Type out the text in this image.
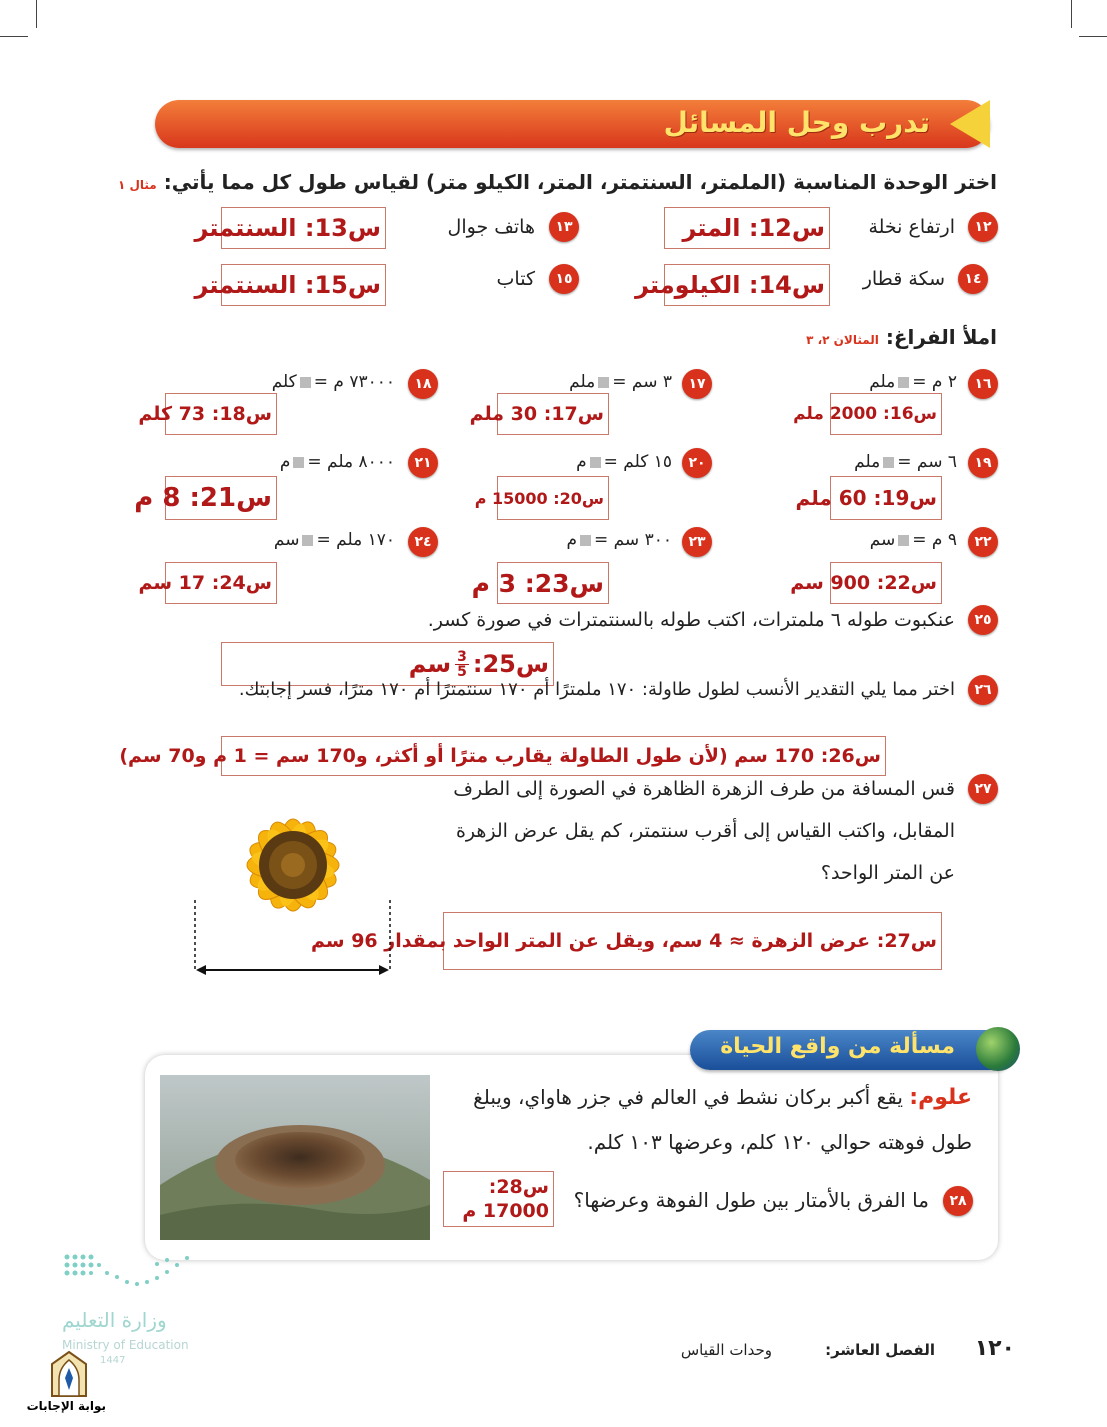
تدرب وحل المسائل
اختر الوحدة المناسبة (الملمتر، السنتمتر، المتر، الكيلو متر) لقياس طول كل مما يأتي: مثال ١
١٢
ارتفاع نخلة
س12: المتر
١٣
هاتف جوال
س13: السنتمتر
١٤
سكة قطار
س14: الكيلومتر
١٥
كتاب
س15: السنتمتر
املأ الفراغ: المثالان ٢، ٣
١٦
٢ م =ملم
س16: 2000 ملم
١٧
٣ سم =ملم
س17: 30 ملم
١٨
٧٣٠٠٠ م =كلم
س18: 73 كلم
١٩
٦ سم =ملم
س19: 60 ملم
٢٠
١٥ كلم =م
س20: 15000 م
٢١
٨٠٠٠ ملم =م
س21: 8 م
٢٢
٩ م =سم
س22: 900 سم
٢٣
٣٠٠ سم =م
س23: 3 م
٢٤
١٧٠ ملم =سم
س24: 17 سم
٢٥
عنكبوت طوله ٦ ملمترات، اكتب طوله بالسنتمترات في صورة كسر.
س25:
$\frac{3}{5}$
سم
٢٦
اختر مما يلي التقدير الأنسب لطول طاولة: ١٧٠ ملمترًا أم ١٧٠ سنتمترًا أم ١٧٠ مترًا، فسر إجابتك.
س26: 170 سم (لأن طول الطاولة يقارب مترًا أو أكثر، و170 سم = 1 م و70 سم)
٢٧
قس المسافة من طرف الزهرة الظاهرة في الصورة إلى الطرف
المقابل، واكتب القياس إلى أقرب سنتمتر، كم يقل عرض الزهرة
عن المتر الواحد؟
س27: عرض الزهرة ≈ 4 سم، ويقل عن المتر الواحد بمقدار 96 سم
مسألة من واقع الحياة
علوم: يقع أكبر بركان نشط في العالم في جزر هاواي، ويبلغ
طول فوهته حوالي ١٢٠ كلم، وعرضها ١٠٣ كلم.
٢٨
ما الفرق بالأمتار بين طول الفوهة وعرضها؟
س28:
17000 م
١٢٠
الفصل العاشر:
وحدات القياس
وزارة التعليم
Ministry of Education
1447
بوابة الإجابات
